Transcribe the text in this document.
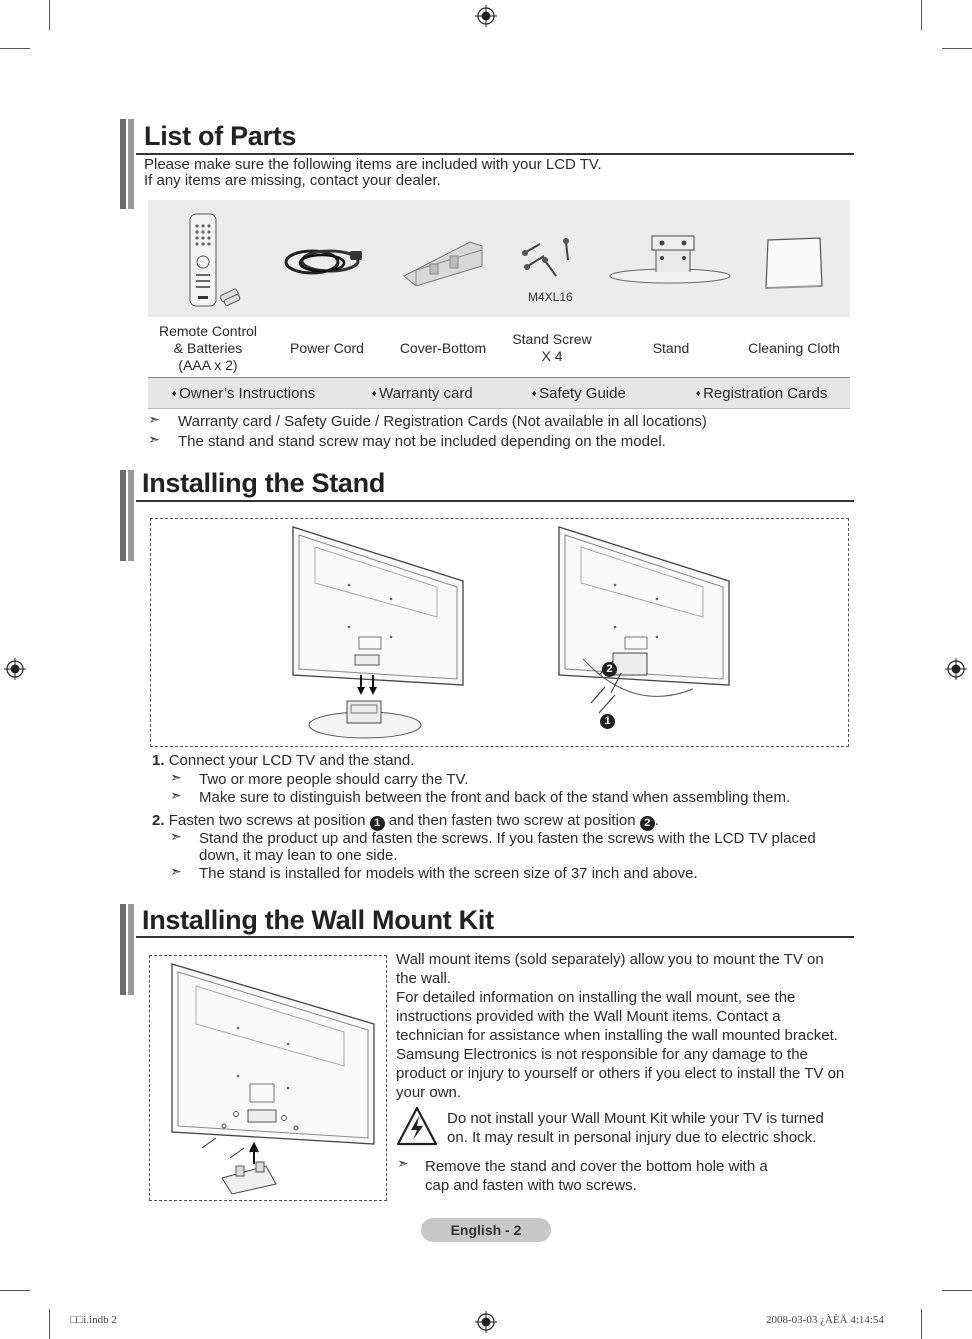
List of Parts
Please make sure the following items are included with your LCD TV.
If any items are missing, contact your dealer.
M4XL16
Remote Control
& Batteries
(AAA x 2)
Power Cord	Cover-Bottom
Stand Screw
X 4	Stand	Cleaning Cloth
♦ Owner’s Instructions	♦ Warranty card	♦ Safety Guide	♦ Registration Cards
➣ Warranty card / Safety Guide / Registration Cards (Not available in all locations)
➣ The stand and stand screw may not be included depending on the model.
Installing the Stand
2
1
1. Connect your LCD TV and the stand.
➣ Two or more people should carry the TV.
➣ Make sure to distinguish between the front and back of the stand when assembling them.
2. Fasten two screws at position 1 and then fasten two screw at position 2 .
➣ Stand the product up and fasten the screws. If you fasten the screws with the LCD TV placed
down, it may lean to one side.
➣ The stand is installed for models with the screen size of 37 inch and above.
Installing the Wall Mount Kit
Wall mount items (sold separately) allow you to mount the TV on
the wall.
For detailed information on installing the wall mount, see the
instructions provided with the Wall Mount items. Contact a
technician for assistance when installing the wall mounted bracket.
Samsung Electronics is not responsible for any damage to the
product or injury to yourself or others if you elect to install the TV on
your own.
Do not install your Wall Mount Kit while your TV is turned
on. It may result in personal injury due to electric shock.
➣ Remove the stand and cover the bottom hole with a
cap and fasten with two screws.
English - 2
□□i.indb 2	2008-03-03 ¿ÀÈÄ 4:14:54
